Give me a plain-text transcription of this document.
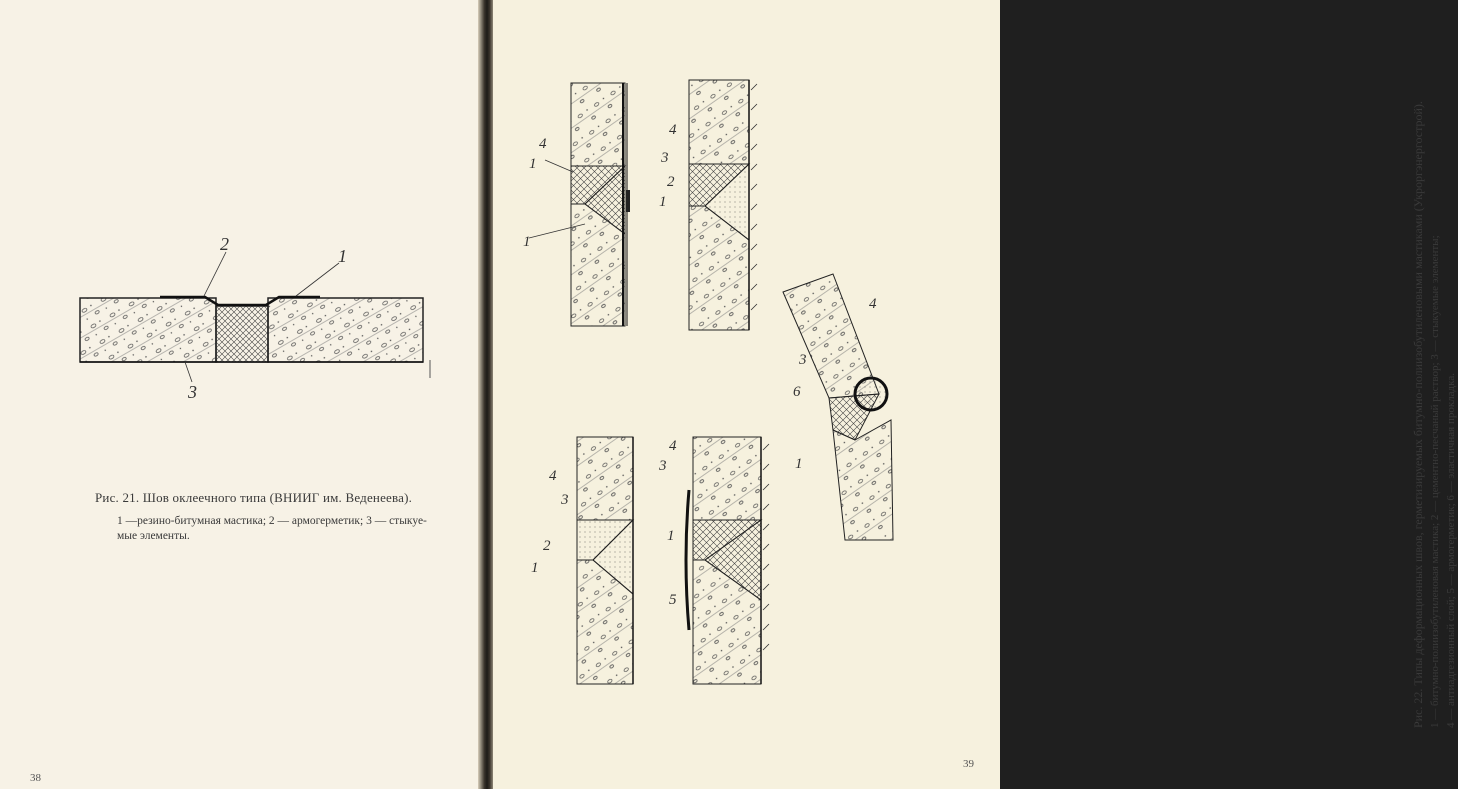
2
1
3
Рис. 21. Шов оклеечного типа (ВНИИГ им. Веденеева).
1 —резино-битумная мастика; 2 — армогерметик; 3 — стыкуе-
мые элементы.
38
1
4
1
3
4
2
1
4
3
2
1
3
4
1
5
4
3
6
1	Рис. 22. Типы деформационных швов, герметизируемых битумно-полиизобутиленовыми мастиками (Укроргэнергострой). 1 — битумно-полиизобутиленовая мастика; 2 — цементно-песчаный раствор; 3 — стыкуемые элементы; 4 — антиадгезионный слой; 5 — армогерметик; 6 — эластичная прокладка.
39
